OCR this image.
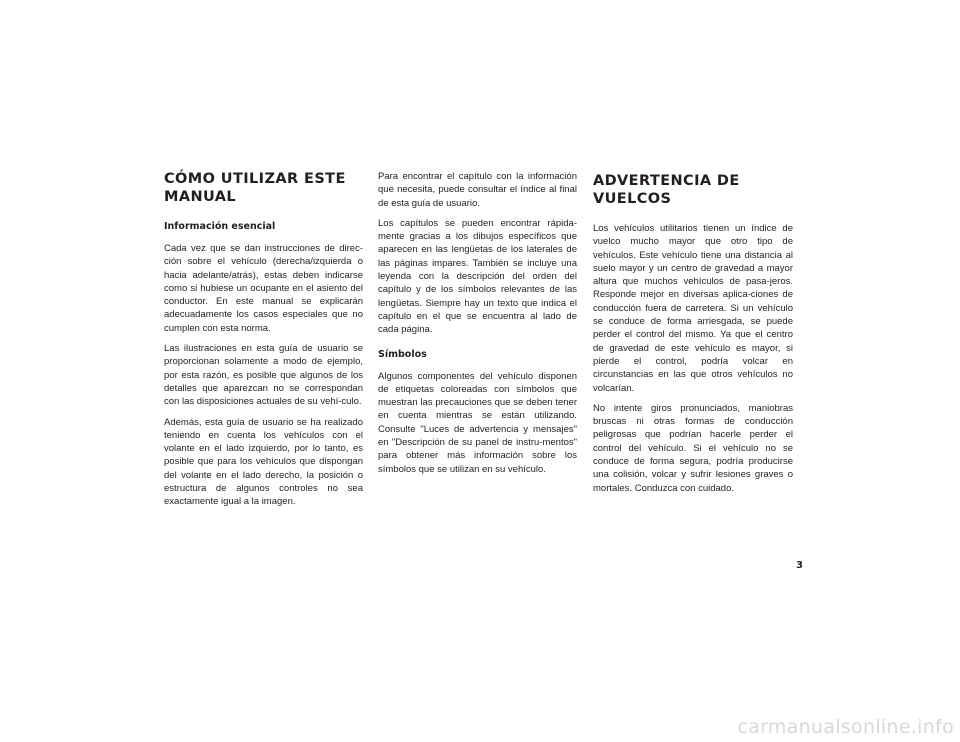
CÓMO UTILIZAR ESTE
MANUAL
Información esencial

Cada vez que se dan instrucciones de direc-ción sobre el vehículo (derecha/izquierda o hacia adelante/atrás), estas deben indicarse como si hubiese un ocupante en el asiento del conductor. En este manual se explicarán adecuadamente los casos especiales que no cumplen con esta norma.

Las ilustraciones en esta guía de usuario se proporcionan solamente a modo de ejemplo, por esta razón, es posible que algunos de los detalles que aparezcan no se correspondan con las disposiciones actuales de su vehí-culo.

Además, esta guía de usuario se ha realizado teniendo en cuenta los vehículos con el volante en el lado izquierdo, por lo tanto, es posible que para los vehículos que dispongan del volante en el lado derecho, la posición o estructura de algunos controles no sea exactamente igual a la imagen.

Para encontrar el capítulo con la información que necesita, puede consultar el índice al final de esta guía de usuario.

Los capítulos se pueden encontrar rápida-mente gracias a los dibujos específicos que aparecen en las lengüetas de los laterales de las páginas impares. También se incluye una leyenda con la descripción del orden del capítulo y de los símbolos relevantes de las lengüetas. Siempre hay un texto que indica el capítulo en el que se encuentra al lado de cada página.

Símbolos

Algunos componentes del vehículo disponen de etiquetas coloreadas con símbolos que muestran las precauciones que se deben tener en cuenta mientras se están utilizando. Consulte "Luces de advertencia y mensajes" en "Descripción de su panel de instru-mentos" para obtener más información sobre los símbolos que se utilizan en su vehículo.

ADVERTENCIA DE
VUELCOS

Los vehículos utilitarios tienen un índice de vuelco mucho mayor que otro tipo de vehículos. Este vehículo tiene una distancia al suelo mayor y un centro de gravedad a mayor altura que muchos vehículos de pasa-jeros. Responde mejor en diversas aplica-ciones de conducción fuera de carretera. Si un vehículo se conduce de forma arriesgada, se puede perder el control del mismo. Ya que el centro de gravedad de este vehículo es mayor, si pierde el control, podría volcar en circunstancias en las que otros vehículos no volcarían.

No intente giros pronunciados, maniobras bruscas ni otras formas de conducción peligrosas que podrían hacerle perder el control del vehículo. Si el vehículo no se conduce de forma segura, podría producirse una colisión, volcar y sufrir lesiones graves o mortales. Conduzca con cuidado.

3
carmanualsonline.info
